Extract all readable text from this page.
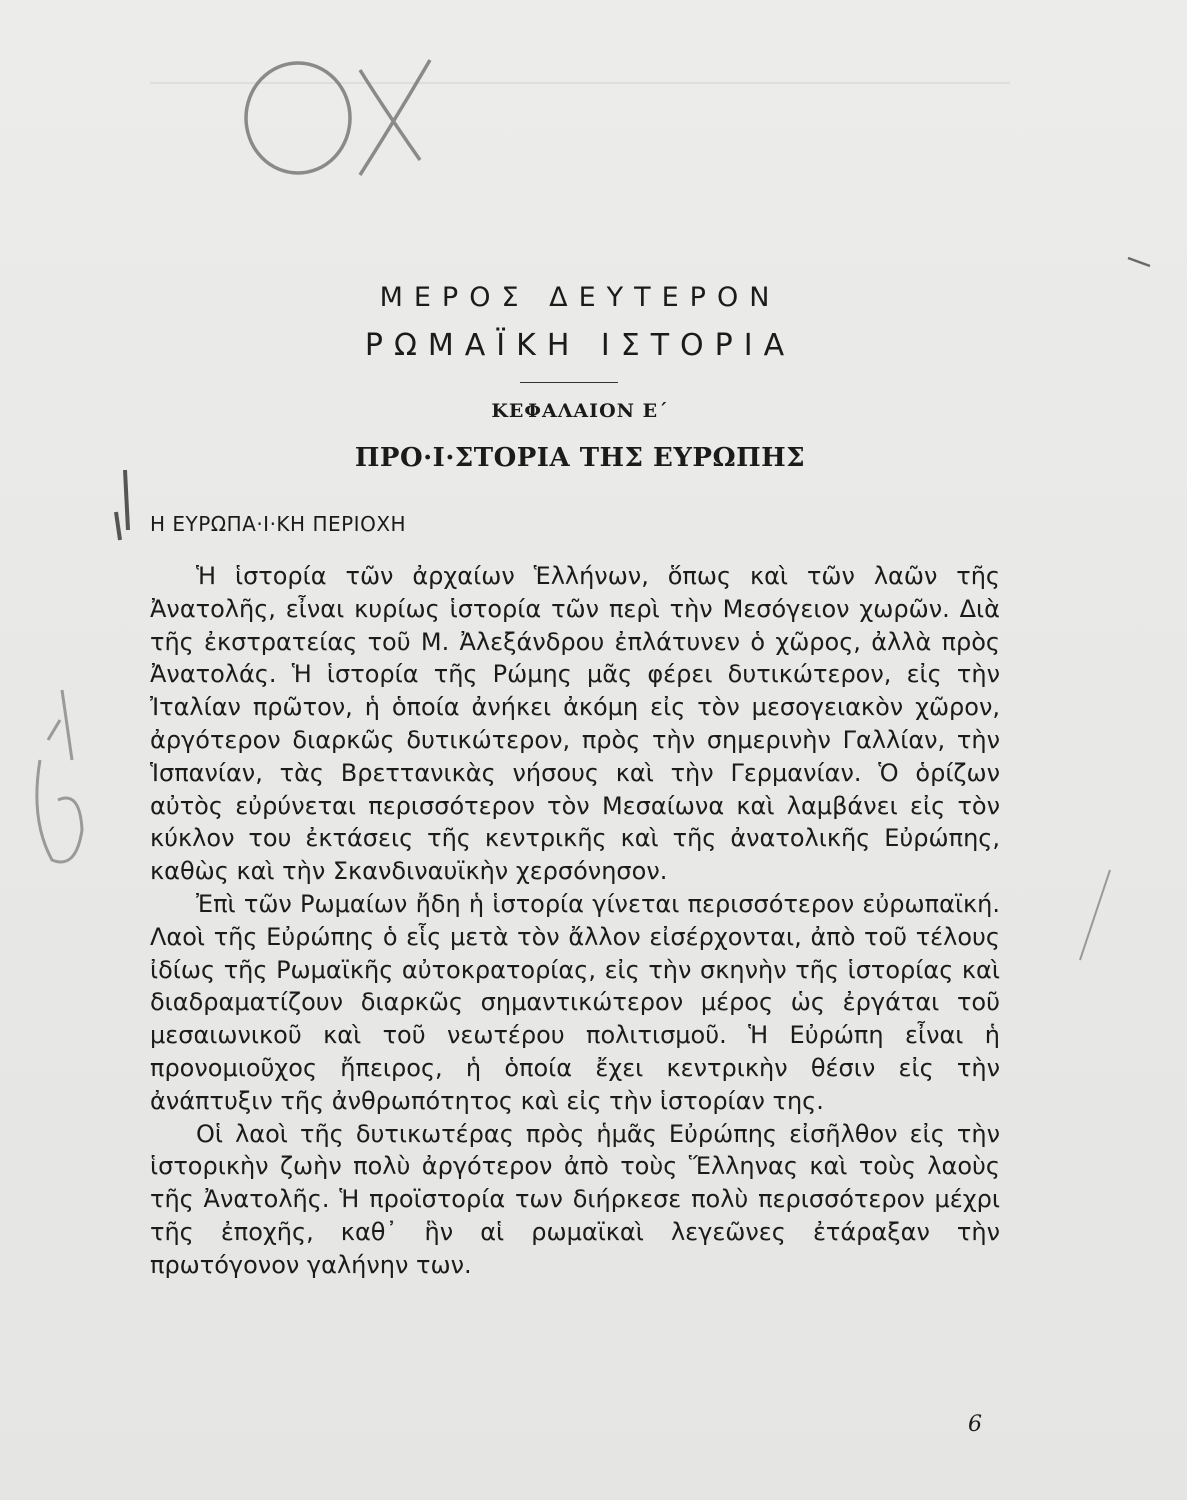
ΜΕΡΟΣ ΔΕΥΤΕΡΟΝ
ΡΩΜΑΪΚΗ ΙΣΤΟΡΙΑ
ΚΕΦΑΛΑΙΟΝ Ε΄
ΠΡΟ·Ι·ΣΤΟΡΙΑ ΤΗΣ ΕΥΡΩΠΗΣ
Η ΕΥΡΩΠΑ·Ι·ΚΗ ΠΕΡΙΟΧΗ

Ἡ ἱστορία τῶν ἀρχαίων Ἑλλήνων, ὅπως καὶ τῶν λαῶν τῆς Ἀνατολῆς, εἶναι κυρίως ἱστορία τῶν περὶ τὴν Μεσόγειον χωρῶν. Διὰ τῆς ἐκστρατείας τοῦ Μ. Ἀλεξάνδρου ἐπλάτυνεν ὁ χῶρος, ἀλλὰ πρὸς Ἀνατολάς. Ἡ ἱστορία τῆς Ρώμης μᾶς φέρει δυτικώτερον, εἰς τὴν Ἰταλίαν πρῶτον, ἡ ὁποία ἀνήκει ἀκόμη εἰς τὸν μεσογειακὸν χῶρον, ἀργότερον διαρκῶς δυτικώτερον, πρὸς τὴν σημερινὴν Γαλλίαν, τὴν Ἱσπανίαν, τὰς Βρεττανικὰς νήσους καὶ τὴν Γερμανίαν. Ὁ ὁρίζων αὐτὸς εὐρύνεται περισσότερον τὸν Μεσαίωνα καὶ λαμβάνει εἰς τὸν κύκλον του ἐκτάσεις τῆς κεντρικῆς καὶ τῆς ἀνατολικῆς Εὐρώπης, καθὼς καὶ τὴν Σκανδιναυϊκὴν χερσόνησον.

Ἐπὶ τῶν Ρωμαίων ἤδη ἡ ἱστορία γίνεται περισσότερον εὐρωπαϊκή. Λαοὶ τῆς Εὐρώπης ὁ εἷς μετὰ τὸν ἄλλον εἰσέρχονται, ἀπὸ τοῦ τέλους ἰδίως τῆς Ρωμαϊκῆς αὐτοκρατορίας, εἰς τὴν σκηνὴν τῆς ἱστορίας καὶ διαδραματίζουν διαρκῶς σημαντικώτερον μέρος ὡς ἐργάται τοῦ μεσαιωνικοῦ καὶ τοῦ νεωτέρου πολιτισμοῦ. Ἡ Εὐρώπη εἶναι ἡ προνομιοῦχος ἤπειρος, ἡ ὁποία ἔχει κεντρικὴν θέσιν εἰς τὴν ἀνάπτυξιν τῆς ἀνθρωπότητος καὶ εἰς τὴν ἱστορίαν της.

Οἱ λαοὶ τῆς δυτικωτέρας πρὸς ἡμᾶς Εὐρώπης εἰσῆλθον εἰς τὴν ἱστορικὴν ζωὴν πολὺ ἀργότερον ἀπὸ τοὺς Ἕλληνας καὶ τοὺς λαοὺς τῆς Ἀνατολῆς. Ἡ προϊστορία των διήρκεσε πολὺ περισσότερον μέχρι τῆς ἐποχῆς, καθ᾽ ἣν αἱ ρωμαϊκαὶ λεγεῶνες ἐτάραξαν τὴν πρωτόγονον γαλήνην των.

6
